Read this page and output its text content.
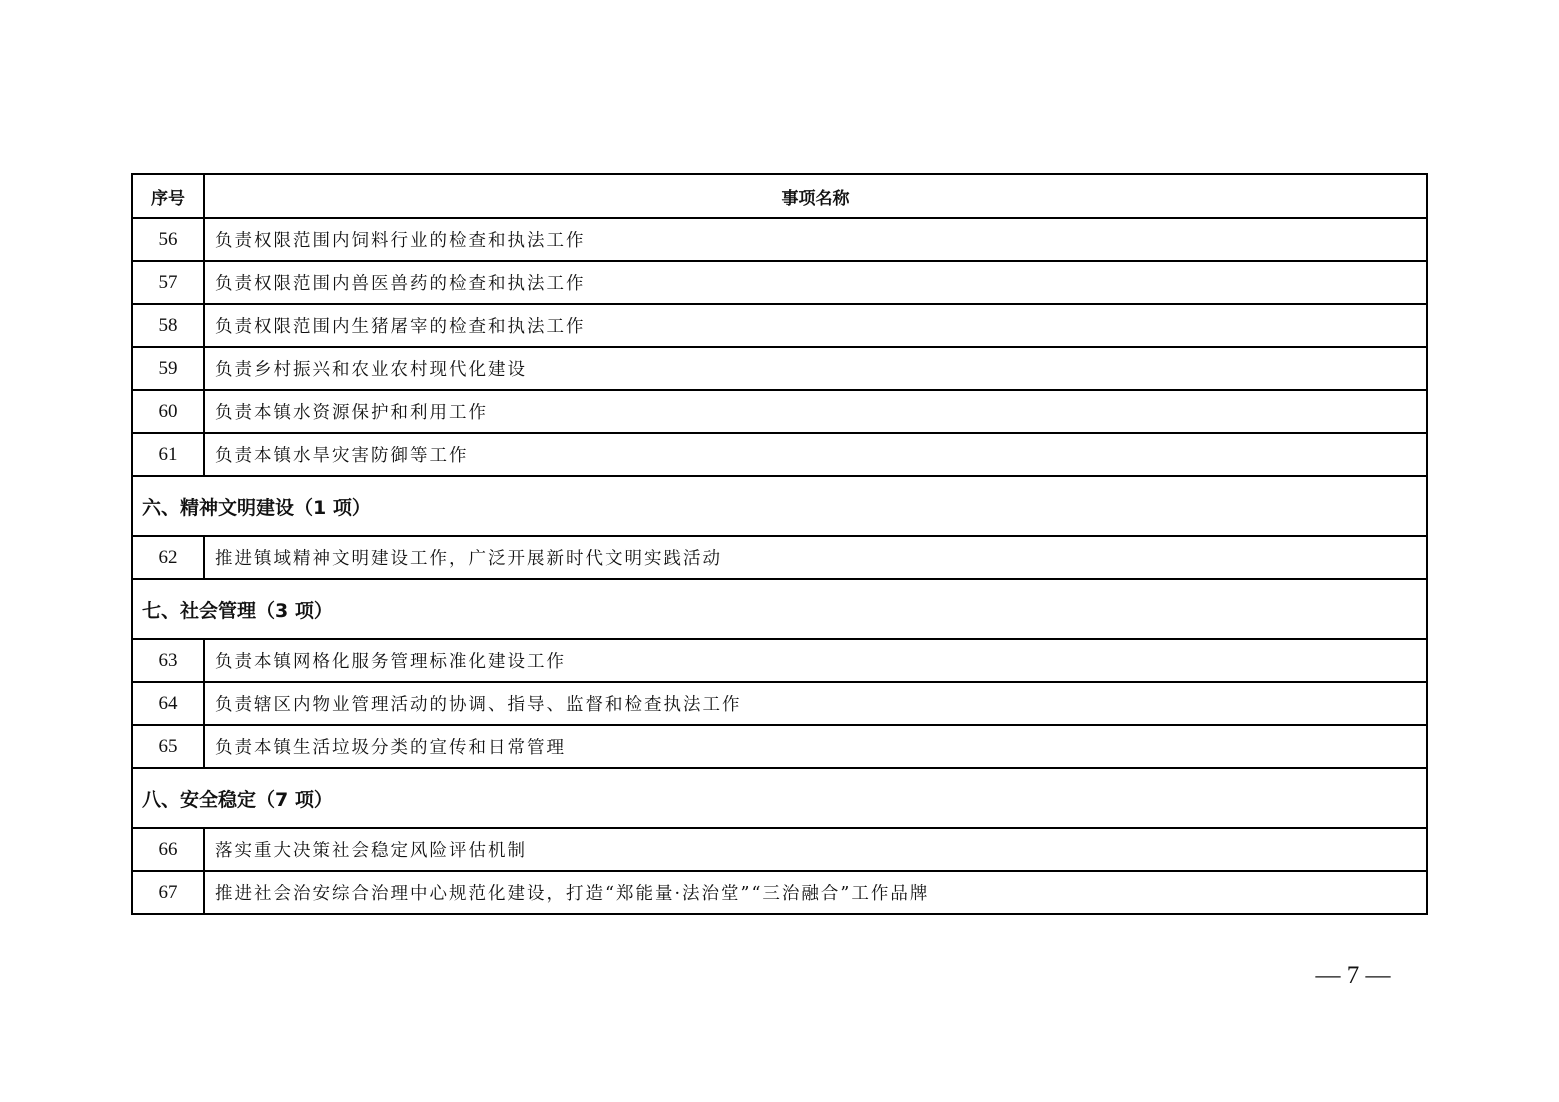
序号	事项名称
56	负责权限范围内饲料行业的检查和执法工作
57	负责权限范围内兽医兽药的检查和执法工作
58	负责权限范围内生猪屠宰的检查和执法工作
59	负责乡村振兴和农业农村现代化建设
60	负责本镇水资源保护和利用工作
61	负责本镇水旱灾害防御等工作
六、精神文明建设（1 项）	
62	推进镇域精神文明建设工作，广泛开展新时代文明实践活动
七、社会管理（3 项）	
63	负责本镇网格化服务管理标准化建设工作
64	负责辖区内物业管理活动的协调、指导、监督和检查执法工作
65	负责本镇生活垃圾分类的宣传和日常管理
八、安全稳定（7 项）	
66	落实重大决策社会稳定风险评估机制
67	推进社会治安综合治理中心规范化建设，打造“郑能量·法治堂”“三治融合”工作品牌
— 7 —
